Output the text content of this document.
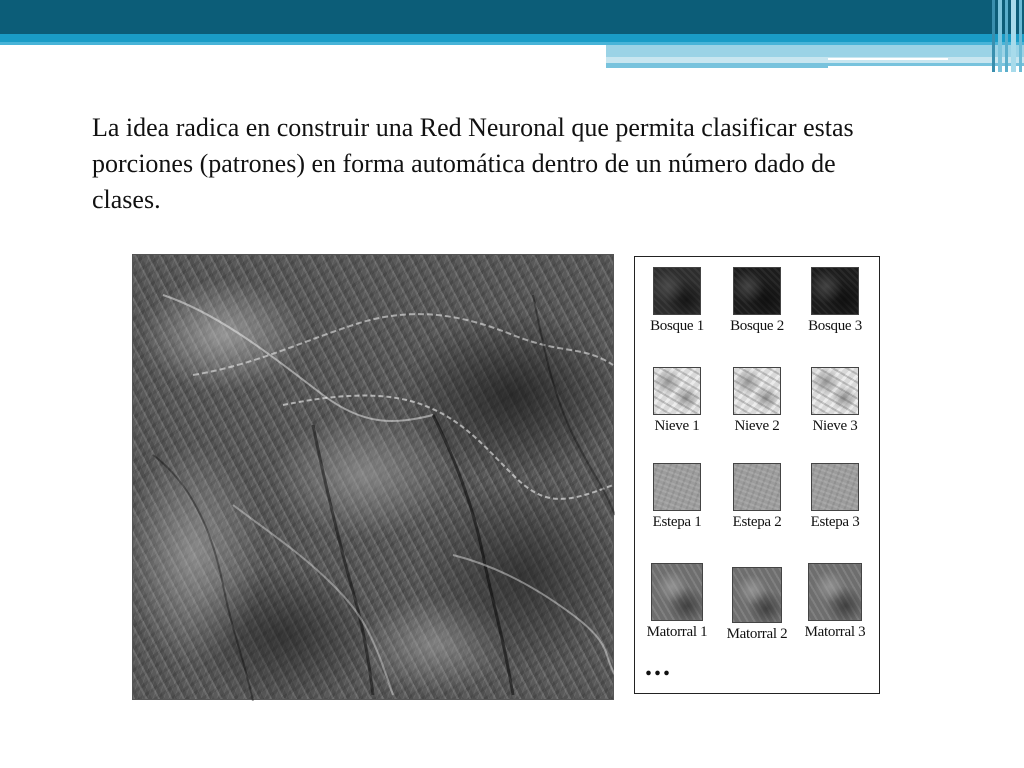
La idea radica en construir una Red Neuronal que permita clasificar estas porciones (patrones) en forma automática dentro de un número dado de clases.

Bosque 1	Bosque 2	Bosque 3
Nieve 1	Nieve 2	Nieve 3
Estepa 1	Estepa 2	Estepa 3
Matorral 1	Matorral 2	Matorral 3
...
